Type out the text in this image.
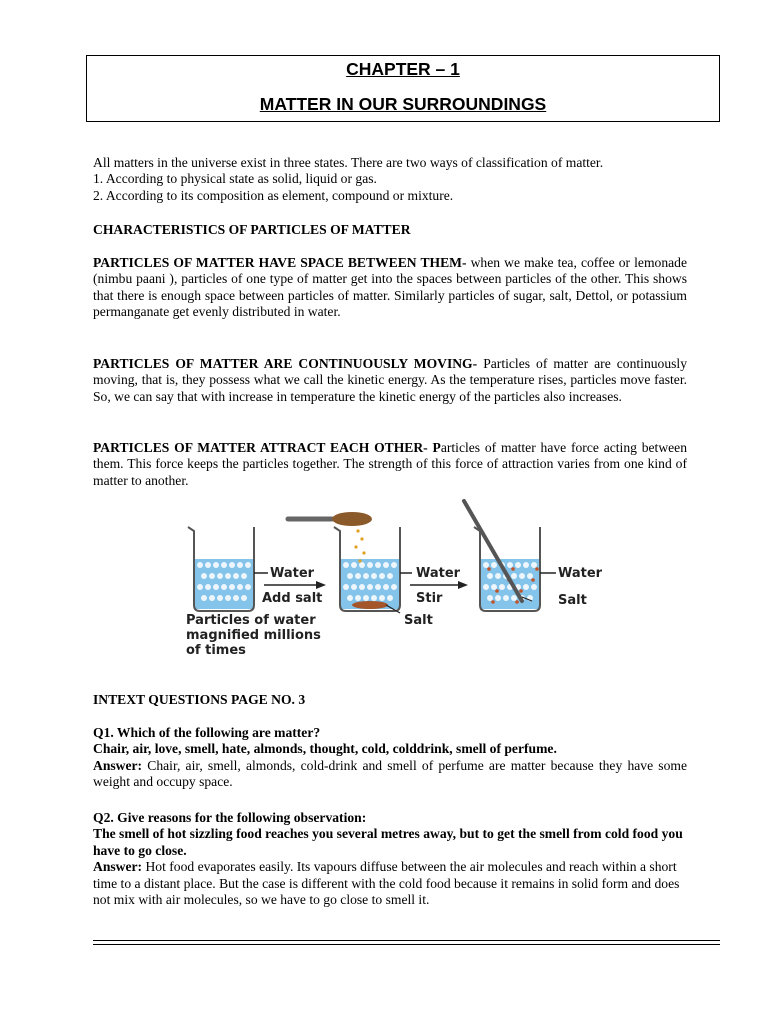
CHAPTER – 1
MATTER IN OUR SURROUNDINGS
All matters in the universe exist in three states. There are two ways of classification of matter.
1. According to physical state as solid, liquid or gas.
2. According to its composition as element, compound or mixture.
CHARACTERISTICS OF PARTICLES OF MATTER

PARTICLES OF MATTER HAVE SPACE BETWEEN THEM- when we make tea, coffee or lemonade (nimbu paani ), particles of one type of matter get into the spaces between particles of the other. This shows that there is enough space between particles of matter. Similarly particles of sugar, salt, Dettol, or potassium permanganate get evenly distributed in water.

PARTICLES OF MATTER ARE CONTINUOUSLY MOVING- Particles of matter are continuously moving, that is, they possess what we call the kinetic energy. As the temperature rises, particles move faster. So, we can say that with increase in temperature the kinetic energy of the particles also increases.

PARTICLES OF MATTER ATTRACT EACH OTHER- Particles of matter have force acting between them. This force keeps the particles together. The strength of this force of attraction varies from one kind of matter to another.

Water
Add salt
Particles of water
magnified millions
of times
Water
Stir
Salt
Water
Salt
INTEXT QUESTIONS PAGE NO. 3
Q1. Which of the following are matter?
Chair, air, love, smell, hate, almonds, thought, cold, colddrink, smell of perfume.
Answer: Chair, air, smell, almonds, cold-drink and smell of perfume are matter because they have some weight and occupy space.
Q2. Give reasons for the following observation:
The smell of hot sizzling food reaches you several metres away, but to get the smell from cold food you have to go close.
Answer: Hot food evaporates easily. Its vapours diffuse between the air molecules and reach within a short time to a distant place. But the case is different with the cold food because it remains in solid form and does not mix with air molecules, so we have to go close to smell it.
